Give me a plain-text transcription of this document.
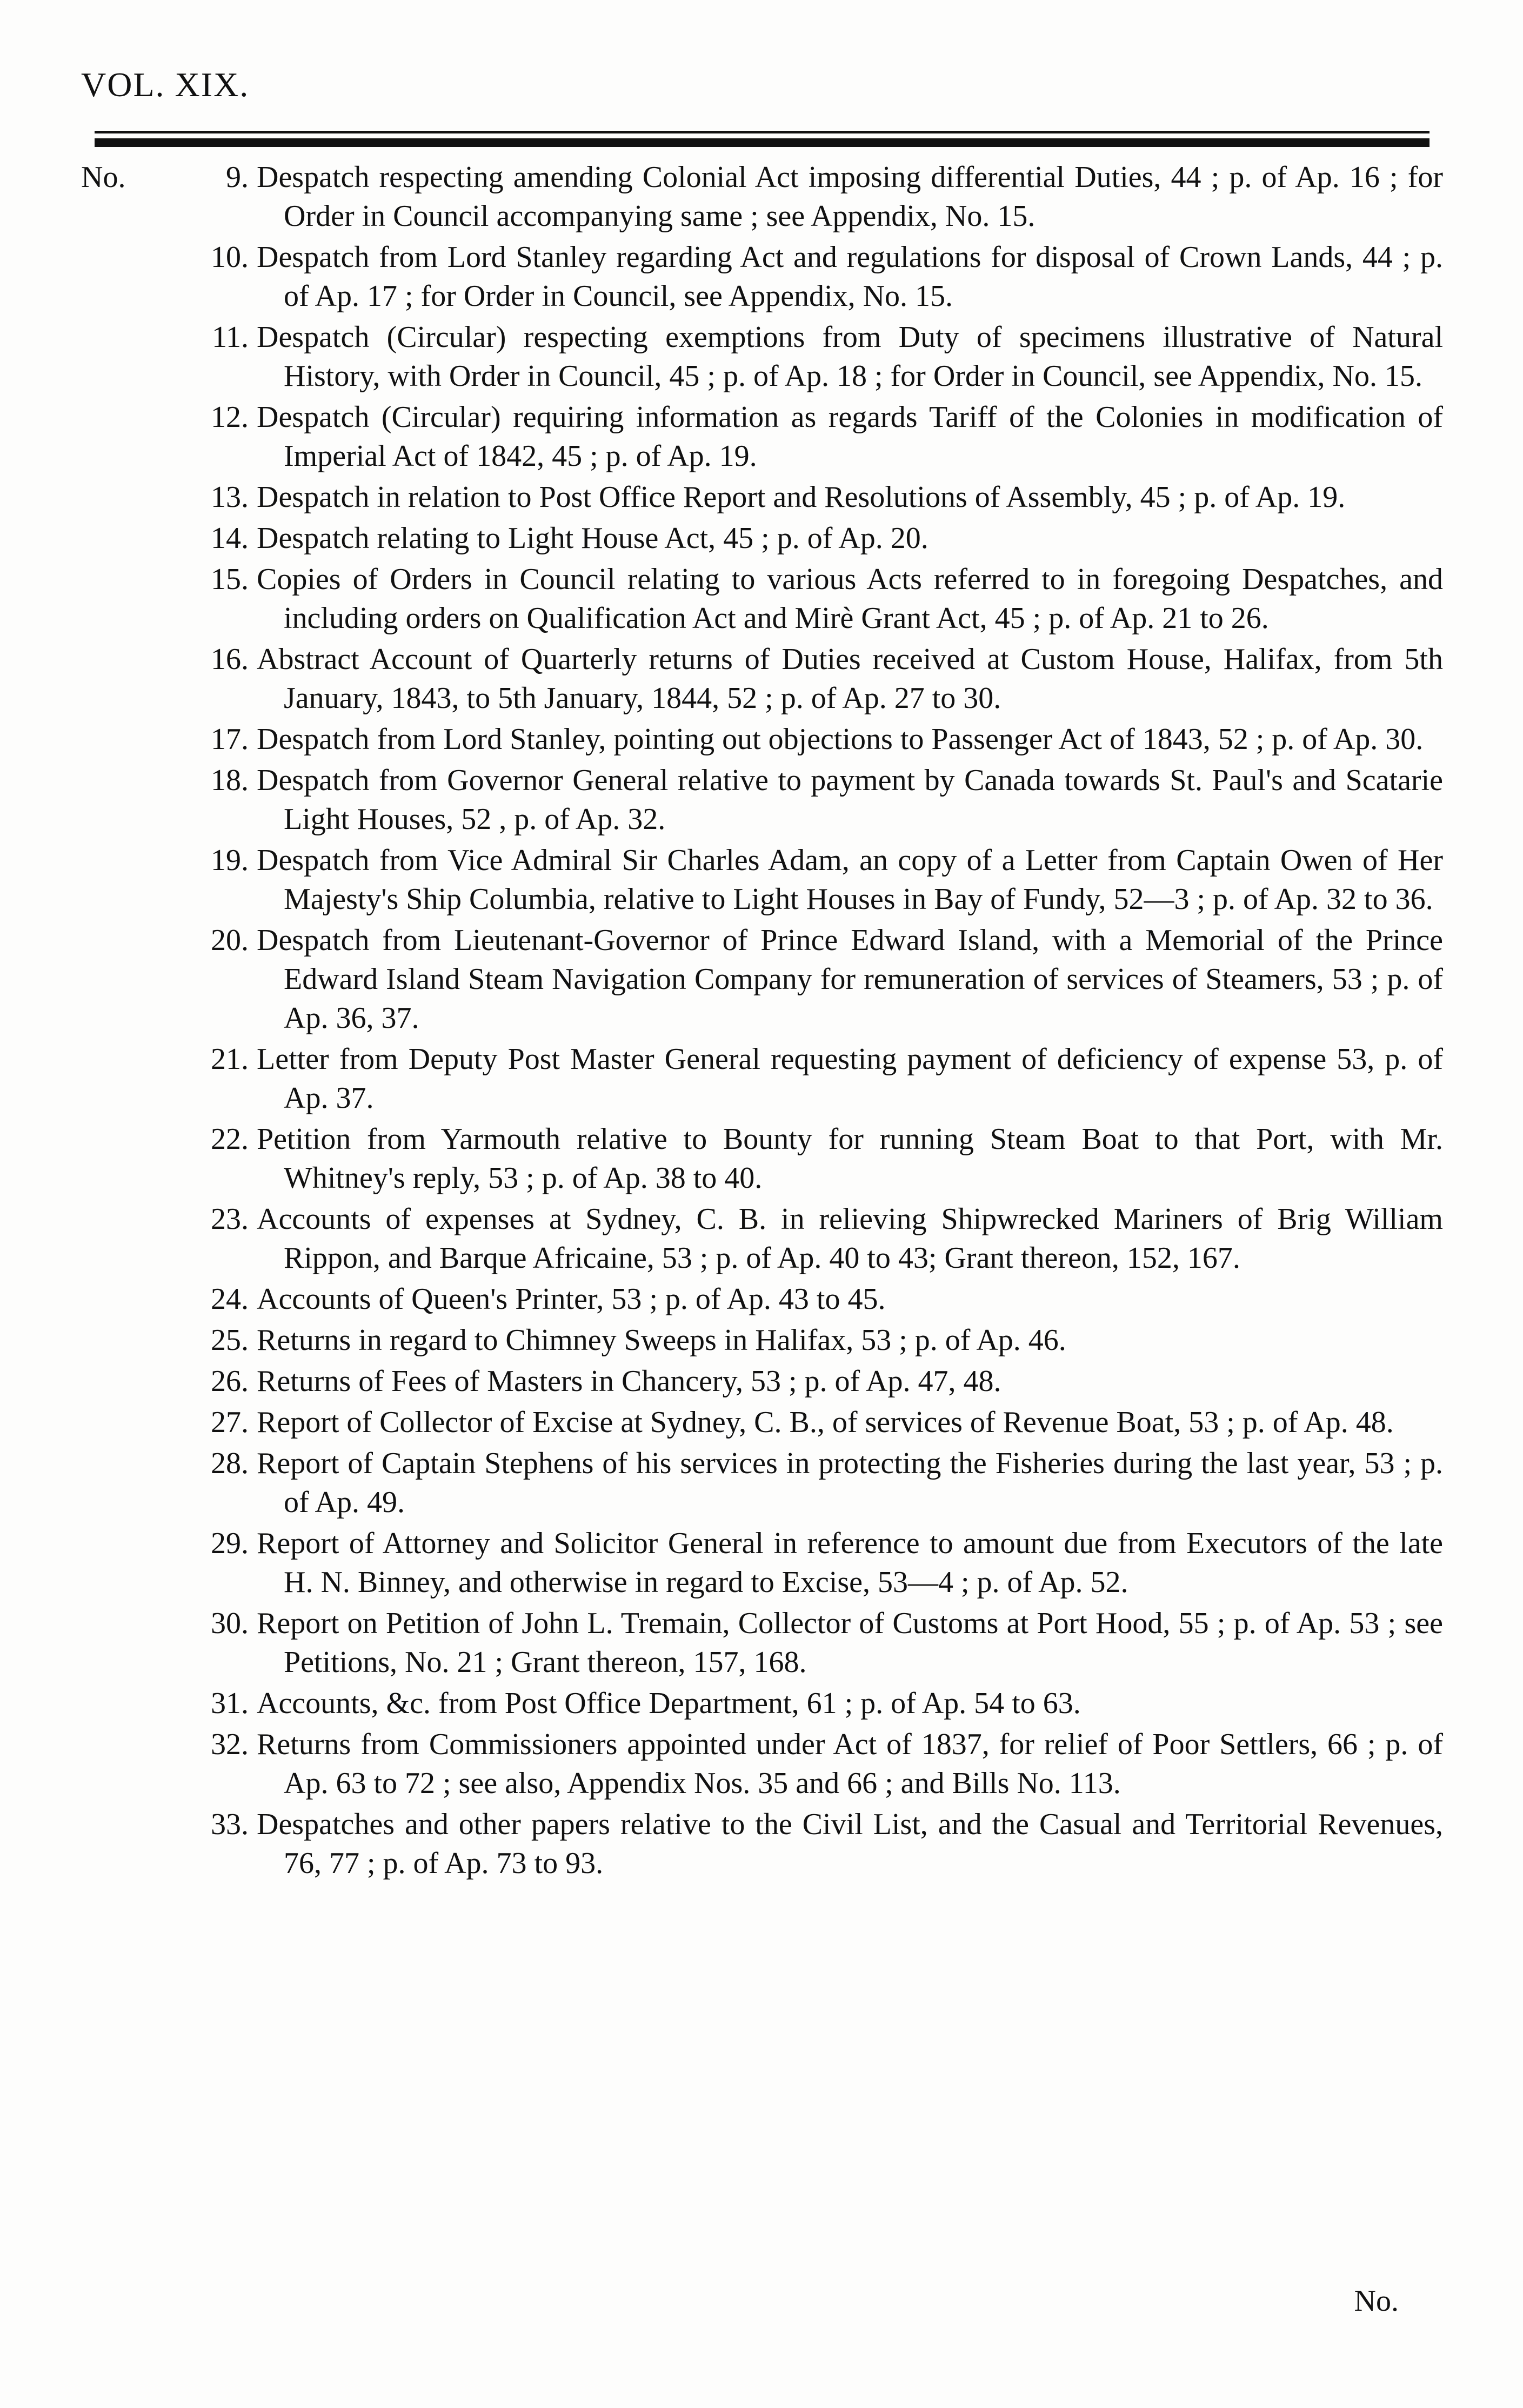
VOL. XIX.

No.	9. Despatch respecting amending Colonial Act imposing differential Duties, 44 ; p. of Ap. 16 ; for Order in Council accompanying same ; see Appendix, No. 15.

10. Despatch from Lord Stanley regarding Act and regulations for disposal of Crown Lands, 44 ; p. of Ap. 17 ; for Order in Council, see Appendix, No. 15.

11. Despatch (Circular) respecting exemptions from Duty of specimens illustrative of Natural History, with Order in Council, 45 ; p. of Ap. 18 ; for Order in Council, see Appendix, No. 15.

12. Despatch (Circular) requiring information as regards Tariff of the Colonies in modification of Imperial Act of 1842, 45 ; p. of Ap. 19.

13. Despatch in relation to Post Office Report and Resolutions of Assembly, 45 ; p. of Ap. 19.

14. Despatch relating to Light House Act, 45 ; p. of Ap. 20.

15. Copies of Orders in Council relating to various Acts referred to in foregoing Despatches, and including orders on Qualification Act and Mirè Grant Act, 45 ; p. of Ap. 21 to 26.

16. Abstract Account of Quarterly returns of Duties received at Custom House, Halifax, from 5th January, 1843, to 5th January, 1844, 52 ; p. of Ap. 27 to 30.

17. Despatch from Lord Stanley, pointing out objections to Passenger Act of 1843, 52 ; p. of Ap. 30.

18. Despatch from Governor General relative to payment by Canada towards St. Paul's and Scatarie Light Houses, 52 , p. of Ap. 32.

19. Despatch from Vice Admiral Sir Charles Adam, an copy of a Letter from Captain Owen of Her Majesty's Ship Columbia, relative to Light Houses in Bay of Fundy, 52—3 ; p. of Ap. 32 to 36.

20. Despatch from Lieutenant-Governor of Prince Edward Island, with a Memorial of the Prince Edward Island Steam Navigation Company for remuneration of services of Steamers, 53 ; p. of Ap. 36, 37.

21. Letter from Deputy Post Master General requesting payment of deficiency of expense 53, p. of Ap. 37.

22. Petition from Yarmouth relative to Bounty for running Steam Boat to that Port, with Mr. Whitney's reply, 53 ; p. of Ap. 38 to 40.

23. Accounts of expenses at Sydney, C. B. in relieving Shipwrecked Mariners of Brig William Rippon, and Barque Africaine, 53 ; p. of Ap. 40 to 43; Grant thereon, 152, 167.

24. Accounts of Queen's Printer, 53 ; p. of Ap. 43 to 45.

25. Returns in regard to Chimney Sweeps in Halifax, 53 ; p. of Ap. 46.

26. Returns of Fees of Masters in Chancery, 53 ; p. of Ap. 47, 48.

27. Report of Collector of Excise at Sydney, C. B., of services of Revenue Boat, 53 ; p. of Ap. 48.

28. Report of Captain Stephens of his services in protecting the Fisheries during the last year, 53 ; p. of Ap. 49.

29. Report of Attorney and Solicitor General in reference to amount due from Executors of the late H. N. Binney, and otherwise in regard to Excise, 53—4 ; p. of Ap. 52.

30. Report on Petition of John L. Tremain, Collector of Customs at Port Hood, 55 ; p. of Ap. 53 ; see Petitions, No. 21 ; Grant thereon, 157, 168.

31. Accounts, &c. from Post Office Department, 61 ; p. of Ap. 54 to 63.

32. Returns from Commissioners appointed under Act of 1837, for relief of Poor Settlers, 66 ; p. of Ap. 63 to 72 ; see also, Appendix Nos. 35 and 66 ; and Bills No. 113.

33. Despatches and other papers relative to the Civil List, and the Casual and Territorial Revenues, 76, 77 ; p. of Ap. 73 to 93.

No.
